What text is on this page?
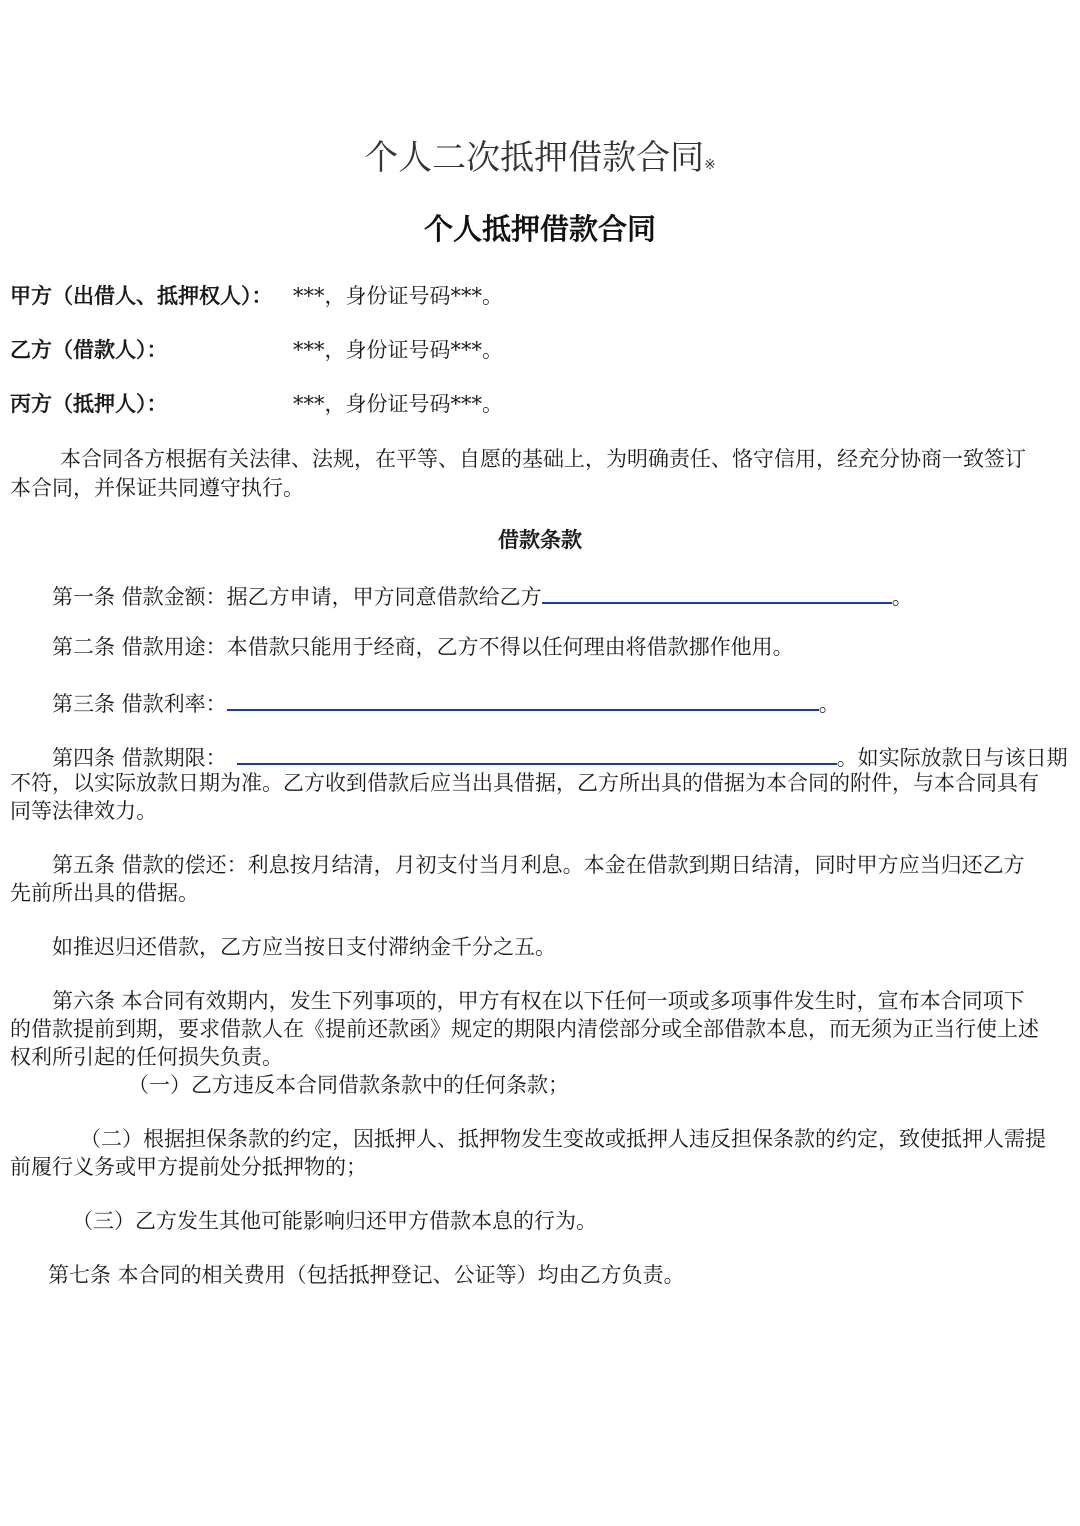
个人二次抵押借款合同※
个人抵押借款合同
甲方（出借人、抵押权人）： ***，身份证号码***。
乙方（借款人）：	***，身份证号码***。
丙方（抵押人）：	***，身份证号码***。
本合同各方根据有关法律、法规，在平等、自愿的基础上，为明确责任、恪守信用，经充分协商一致签订
本合同，并保证共同遵守执行。
借款条款
第一条 借款金额：据乙方申请，甲方同意借款给乙方	。
第二条 借款用途：本借款只能用于经商，乙方不得以任何理由将借款挪作他用。
第三条 借款利率：	。
第四条 借款期限：	。如实际放款日与该日期
不符，以实际放款日期为准。乙方收到借款后应当出具借据，乙方所出具的借据为本合同的附件，与本合同具有
同等法律效力。
第五条 借款的偿还：利息按月结清，月初支付当月利息。本金在借款到期日结清，同时甲方应当归还乙方
先前所出具的借据。
如推迟归还借款，乙方应当按日支付滞纳金千分之五。
第六条 本合同有效期内，发生下列事项的，甲方有权在以下任何一项或多项事件发生时，宣布本合同项下
的借款提前到期，要求借款人在《提前还款函》规定的期限内清偿部分或全部借款本息，而无须为正当行使上述
权利所引起的任何损失负责。
（一）乙方违反本合同借款条款中的任何条款；
（二）根据担保条款的约定，因抵押人、抵押物发生变故或抵押人违反担保条款的约定，致使抵押人需提
前履行义务或甲方提前处分抵押物的；
（三）乙方发生其他可能影响归还甲方借款本息的行为。
第七条 本合同的相关费用（包括抵押登记、公证等）均由乙方负责。
